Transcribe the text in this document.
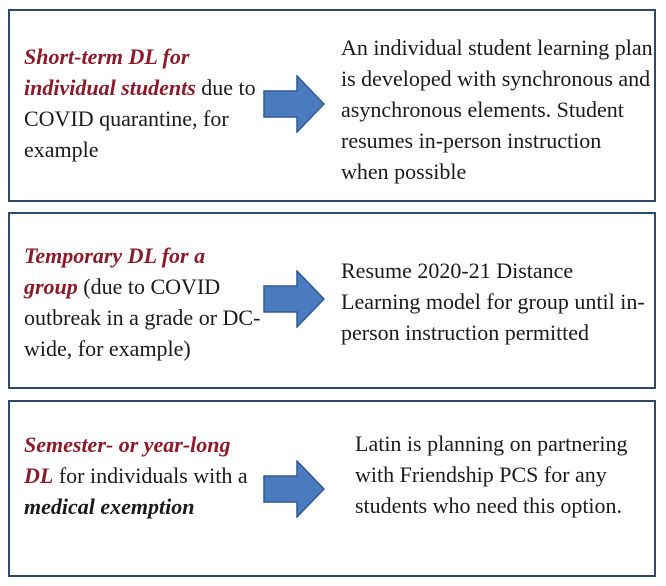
Short-term DL for individual students due to COVID quarantine, for example
An individual student learning plan is developed with synchronous and asynchronous elements. Student resumes in-person instruction when possible
Temporary DL for a group (due to COVID outbreak in a grade or DC-wide, for example)
Resume 2020-21 Distance Learning model for group until in-person instruction permitted
Semester- or year-long DL for individuals with a medical exemption
Latin is planning on partnering with Friendship PCS for any students who need this option.
